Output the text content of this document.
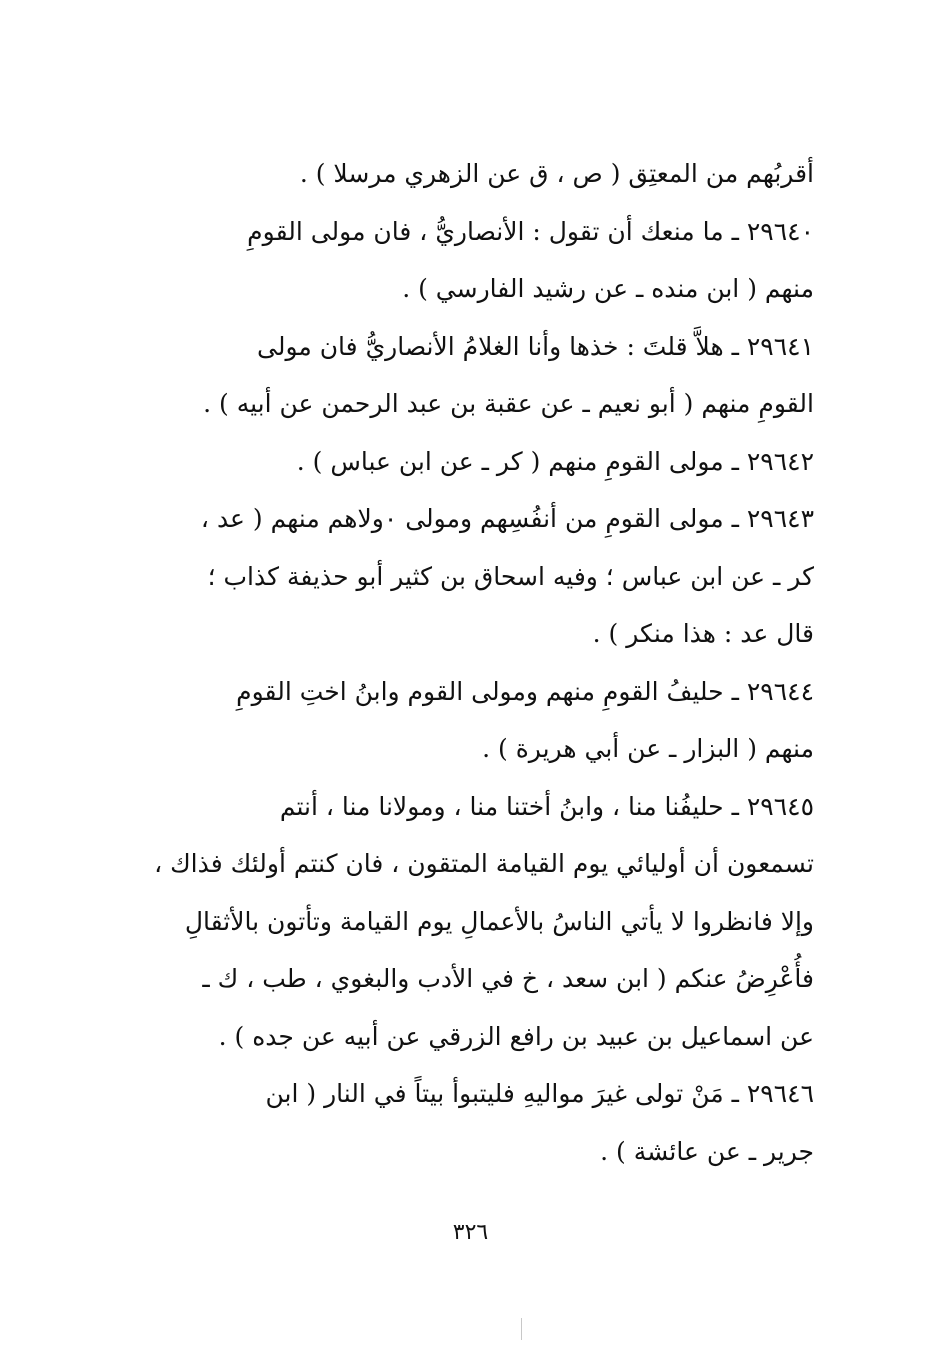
أقربُهم من المعتِق ( ص ، ق عن الزهري مرسلا ) .
٢٩٦٤٠ ـ ما منعك أن تقول : الأنصاريُّ ، فان مولى القومِ
منهم ( ابن منده ـ عن رشيد الفارسي ) .
٢٩٦٤١ ـ هلاَّ قلتَ : خذها وأنا الغلامُ الأنصاريُّ فان مولى
القومِ منهم ( أبو نعيم ـ عن عقبة بن عبد الرحمن عن أبيه ) .
٢٩٦٤٢ ـ مولى القومِ منهم ( كر ـ عن ابن عباس ) .
٢٩٦٤٣ ـ مولى القومِ من أنفُسِهم ومولى ٠ولاهم منهم ( عد ،
كر ـ عن ابن عباس ؛ وفيه اسحاق بن كثير أبو حذيفة كذاب ؛
قال عد : هذا منكر ) .
٢٩٦٤٤ ـ حليفُ القومِ منهم ومولى القوم وابنُ اختِ القومِ
منهم ( البزار ـ عن أبي هريرة ) .
٢٩٦٤٥ ـ حليفُنا منا ، وابنُ أختنا منا ، ومولانا منا ، أنتم
تسمعون أن أوليائي يوم القيامة المتقون ، فان كنتم أولئك فذاك ،
وإلا فانظروا لا يأتي الناسُ بالأعمالِ يوم القيامة وتأتون بالأثقالِ
فأُعْرِضُ عنكم ( ابن سعد ، خ في الأدب والبغوي ، طب ، ك ـ
عن اسماعيل بن عبيد بن رافع الزرقي عن أبيه عن جده ) .
٢٩٦٤٦ ـ مَنْ تولى غيرَ مواليهِ فليتبوأ بيتاً في النار ( ابن
جرير ـ عن عائشة ) .
٣٢٦
